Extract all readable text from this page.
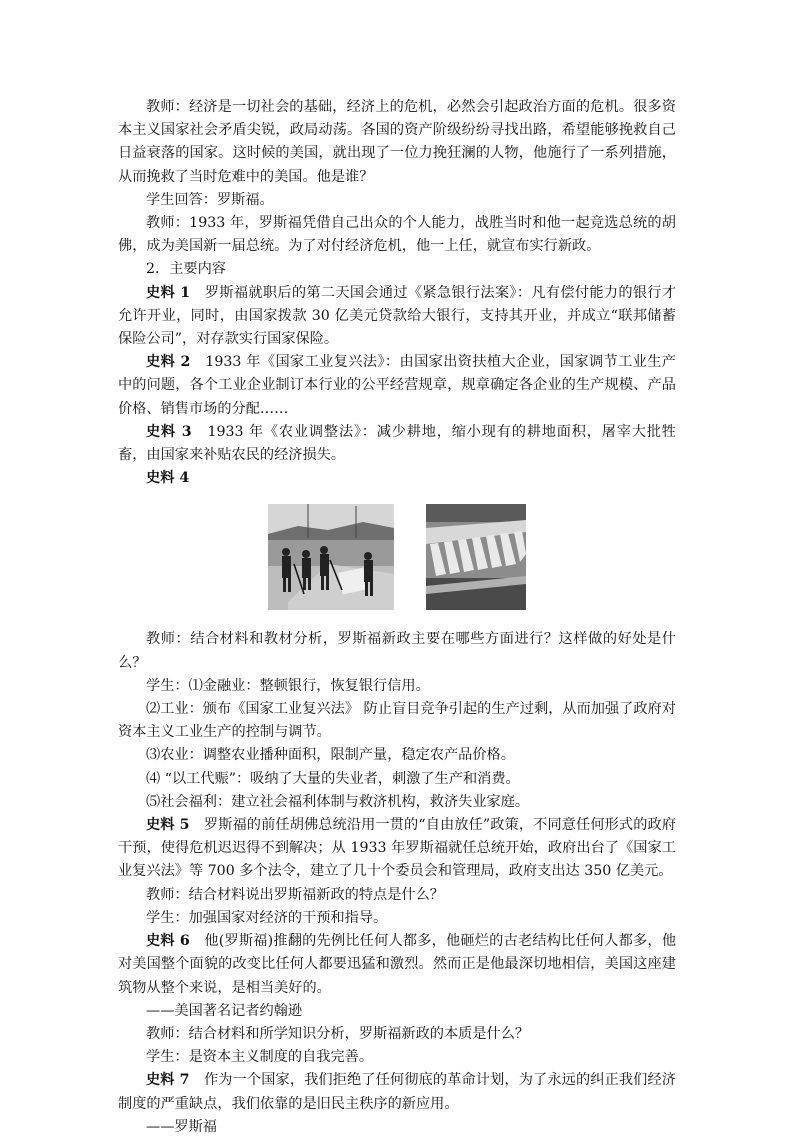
教师：经济是一切社会的基础，经济上的危机，必然会引起政治方面的危机。很多资本主义国家社会矛盾尖锐，政局动荡。各国的资产阶级纷纷寻找出路，希望能够挽救自己日益衰落的国家。这时候的美国，就出现了一位力挽狂澜的人物，他施行了一系列措施，从而挽救了当时危难中的美国。他是谁？

学生回答：罗斯福。

教师：1933 年，罗斯福凭借自己出众的个人能力，战胜当时和他一起竞选总统的胡佛，成为美国新一届总统。为了对付经济危机，他一上任，就宣布实行新政。

2．主要内容

史料 1　罗斯福就职后的第二天国会通过《紧急银行法案》：凡有偿付能力的银行才允许开业，同时，由国家拨款 30 亿美元贷款给大银行，支持其开业，并成立“联邦储蓄保险公司”，对存款实行国家保险。

史料 2　1933 年《国家工业复兴法》：由国家出资扶植大企业，国家调节工业生产中的问题，各个工业企业制订本行业的公平经营规章，规章确定各企业的生产规模、产品价格、销售市场的分配……

史料 3　1933 年《农业调整法》：减少耕地，缩小现有的耕地面积，屠宰大批牲畜，由国家来补贴农民的经济损失。

史料 4

教师：结合材料和教材分析，罗斯福新政主要在哪些方面进行？这样做的好处是什么？

学生：⑴金融业：整顿银行，恢复银行信用。

⑵工业：颁布《国家工业复兴法》 防止盲目竞争引起的生产过剩，从而加强了政府对资本主义工业生产的控制与调节。

⑶农业：调整农业播种面积，限制产量，稳定农产品价格。

⑷ “以工代赈”：吸纳了大量的失业者，刺激了生产和消费。

⑸社会福利：建立社会福利体制与救济机构，救济失业家庭。

史料 5　罗斯福的前任胡佛总统沿用一贯的“自由放任”政策，不同意任何形式的政府干预，使得危机迟迟得不到解决；从 1933 年罗斯福就任总统开始，政府出台了《国家工业复兴法》等 700 多个法令，建立了几十个委员会和管理局，政府支出达 350 亿美元。

教师：结合材料说出罗斯福新政的特点是什么？

学生：加强国家对经济的干预和指导。

史料 6　他(罗斯福)推翻的先例比任何人都多，他砸烂的古老结构比任何人都多，他对美国整个面貌的改变比任何人都要迅猛和激烈。然而正是他最深切地相信，美国这座建筑物从整个来说，是相当美好的。

——美国著名记者约翰逊

教师：结合材料和所学知识分析，罗斯福新政的本质是什么？

学生：是资本主义制度的自我完善。

史料 7　作为一个国家，我们拒绝了任何彻底的革命计划，为了永远的纠正我们经济制度的严重缺点，我们依靠的是旧民主秩序的新应用。

——罗斯福
